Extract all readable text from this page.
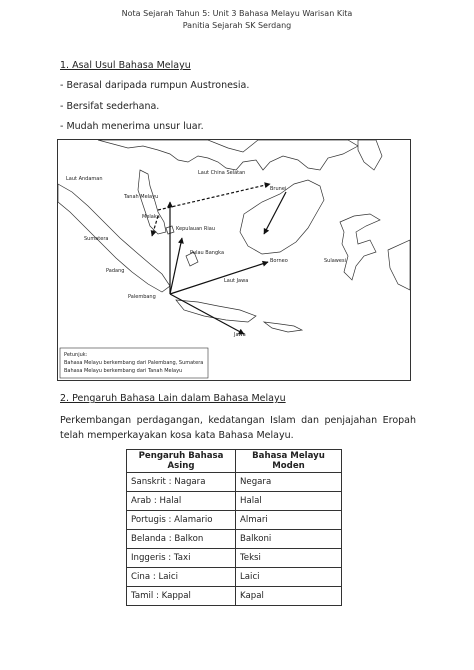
Nota Sejarah Tahun 5: Unit 3 Bahasa Melayu Warisan Kita
Panitia Sejarah SK Serdang
1. Asal Usul Bahasa Melayu
- Berasal daripada rumpun Austronesia.
- Bersifat sederhana.
- Mudah menerima unsur luar.
Laut Andaman
Laut China Selatan
Brunei
Tanah Melayu
Melaka
Sumatera
Kepulauan Riau
Padang
Pulau Bangka
Borneo	Sulawesi
Palembang
Laut Jawa
Jawa
Petunjuk:
Bahasa Melayu berkembang dari Palembang, Sumatera
Bahasa Melayu berkembang dari Tanah Melayu
2. Pengaruh Bahasa Lain dalam Bahasa Melayu
Perkembangan perdagangan, kedatangan Islam dan penjajahan Eropah telah memperkayakan kosa kata Bahasa Melayu.
Pengaruh Bahasa Asing	Bahasa Melayu Moden
Sanskrit : Nagara	Negara
Arab : Halal	Halal
Portugis : Alamario	Almari
Belanda : Balkon	Balkoni
Inggeris : Taxi	Teksi
Cina : Laici	Laici
Tamil : Kappal	Kapal
